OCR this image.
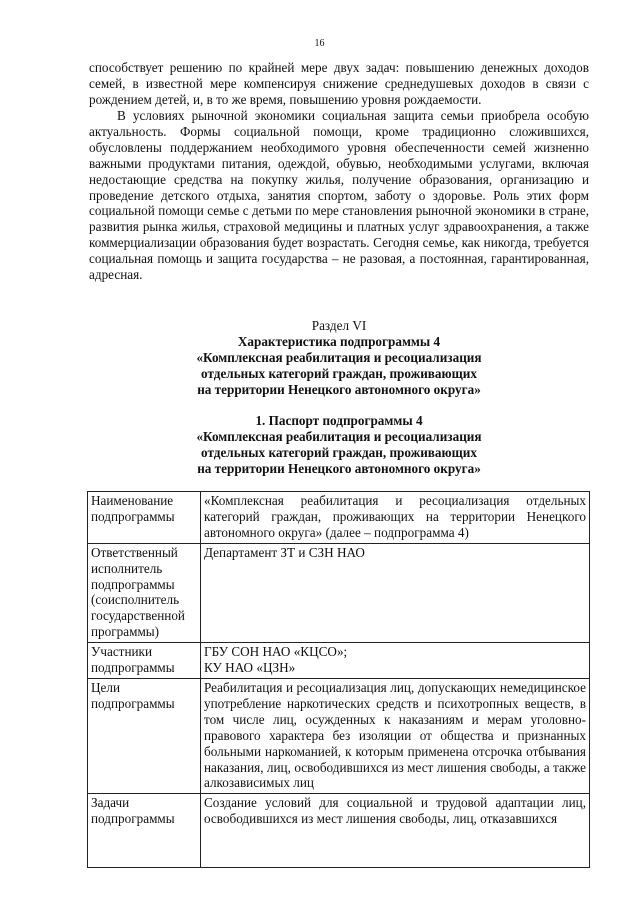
16

способствует решению по крайней мере двух задач: повышению денежных доходов семей, в известной мере компенсируя снижение среднедушевых доходов в связи с рождением детей, и, в то же время, повышению уровня рождаемости.

В условиях рыночной экономики социальная защита семьи приобрела особую актуальность. Формы социальной помощи, кроме традиционно сложившихся, обусловлены поддержанием необходимого уровня обеспеченности семей жизненно важными продуктами питания, одеждой, обувью, необходимыми услугами, включая недостающие средства на покупку жилья, получение образования, организацию и проведение детского отдыха, занятия спортом, заботу о здоровье. Роль этих форм социальной помощи семье с детьми по мере становления рыночной экономики в стране, развития рынка жилья, страховой медицины и платных услуг здравоохранения, а также коммерциализации образования будет возрастать. Сегодня семье, как никогда, требуется социальная помощь и защита государства – не разовая, а постоянная, гарантированная, адресная.

Раздел VI
Характеристика подпрограммы 4
«Комплексная реабилитация и ресоциализация
отдельных категорий граждан, проживающих
на территории Ненецкого автономного округа»
1. Паспорт подпрограммы 4
«Комплексная реабилитация и ресоциализация
отдельных категорий граждан, проживающих
на территории Ненецкого автономного округа»
Наименование подпрограммы	«Комплексная реабилитация и ресоциализация отдельных категорий граждан, проживающих на территории Ненецкого автономного округа» (далее – подпрограмма 4)
Ответственный исполнитель подпрограммы (соисполнитель государственной программы)	Департамент ЗТ и СЗН НАО
Участники подпрограммы	ГБУ СОН НАО «КЦСО»;
КУ НАО «ЦЗН»

Цели подпрограммы	Реабилитация и ресоциализация лиц, допускающих немедицинское употребление наркотических средств и психотропных веществ, в том числе лиц, осужденных к наказаниям и мерам уголовно-правового характера без изоляции от общества и признанных больными наркоманией, к которым применена отсрочка отбывания наказания, лиц, освободившихся из мест лишения свободы, а также алкозависимых лиц
Задачи подпрограммы	Создание условий для социальной и трудовой адаптации лиц, освободившихся из мест лишения свободы, лиц, отказавшихся
